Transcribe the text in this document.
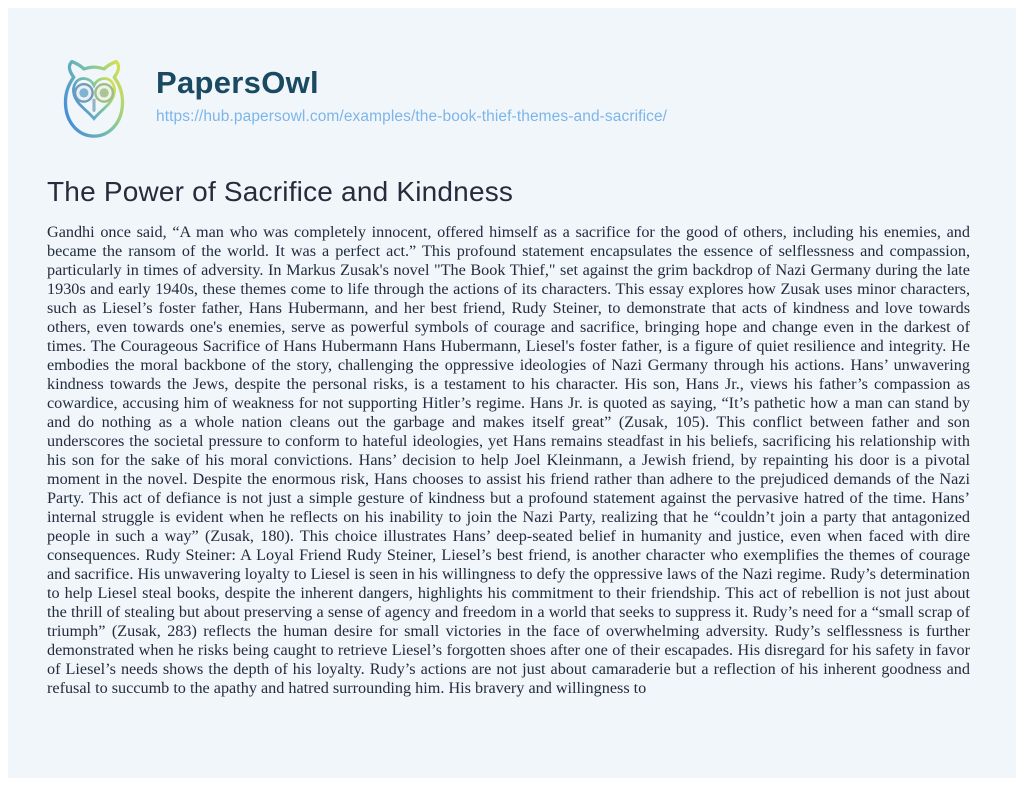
PapersOwl
https://hub.papersowl.com/examples/the-book-thief-themes-and-sacrifice/
The Power of Sacrifice and Kindness

Gandhi once said, “A man who was completely innocent, offered himself as a sacrifice for the good of others, including his enemies, and became the ransom of the world. It was a perfect act.” This profound statement encapsulates the essence of selflessness and compassion, particularly in times of adversity. In Markus Zusak's novel "The Book Thief," set against the grim backdrop of Nazi Germany during the late 1930s and early 1940s, these themes come to life through the actions of its characters. This essay explores how Zusak uses minor characters, such as Liesel’s foster father, Hans Hubermann, and her best friend, Rudy Steiner, to demonstrate that acts of kindness and love towards others, even towards one's enemies, serve as powerful symbols of courage and sacrifice, bringing hope and change even in the darkest of times. The Courageous Sacrifice of Hans Hubermann Hans Hubermann, Liesel's foster father, is a figure of quiet resilience and integrity. He embodies the moral backbone of the story, challenging the oppressive ideologies of Nazi Germany through his actions. Hans’ unwavering kindness towards the Jews, despite the personal risks, is a testament to his character. His son, Hans Jr., views his father’s compassion as cowardice, accusing him of weakness for not supporting Hitler’s regime. Hans Jr. is quoted as saying, “It’s pathetic how a man can stand by and do nothing as a whole nation cleans out the garbage and makes itself great” (Zusak, 105). This conflict between father and son underscores the societal pressure to conform to hateful ideologies, yet Hans remains steadfast in his beliefs, sacrificing his relationship with his son for the sake of his moral convictions. Hans’ decision to help Joel Kleinmann, a Jewish friend, by repainting his door is a pivotal moment in the novel. Despite the enormous risk, Hans chooses to assist his friend rather than adhere to the prejudiced demands of the Nazi Party. This act of defiance is not just a simple gesture of kindness but a profound statement against the pervasive hatred of the time. Hans’ internal struggle is evident when he reflects on his inability to join the Nazi Party, realizing that he “couldn’t join a party that antagonized people in such a way” (Zusak, 180). This choice illustrates Hans’ deep-seated belief in humanity and justice, even when faced with dire consequences. Rudy Steiner: A Loyal Friend Rudy Steiner, Liesel’s best friend, is another character who exemplifies the themes of courage and sacrifice. His unwavering loyalty to Liesel is seen in his willingness to defy the oppressive laws of the Nazi regime. Rudy’s determination to help Liesel steal books, despite the inherent dangers, highlights his commitment to their friendship. This act of rebellion is not just about the thrill of stealing but about preserving a sense of agency and freedom in a world that seeks to suppress it. Rudy’s need for a “small scrap of triumph” (Zusak, 283) reflects the human desire for small victories in the face of overwhelming adversity. Rudy’s selflessness is further demonstrated when he risks being caught to retrieve Liesel’s forgotten shoes after one of their escapades. His disregard for his safety in favor of Liesel’s needs shows the depth of his loyalty. Rudy’s actions are not just about camaraderie but a reflection of his inherent goodness and refusal to succumb to the apathy and hatred surrounding him. His bravery and willingness to
